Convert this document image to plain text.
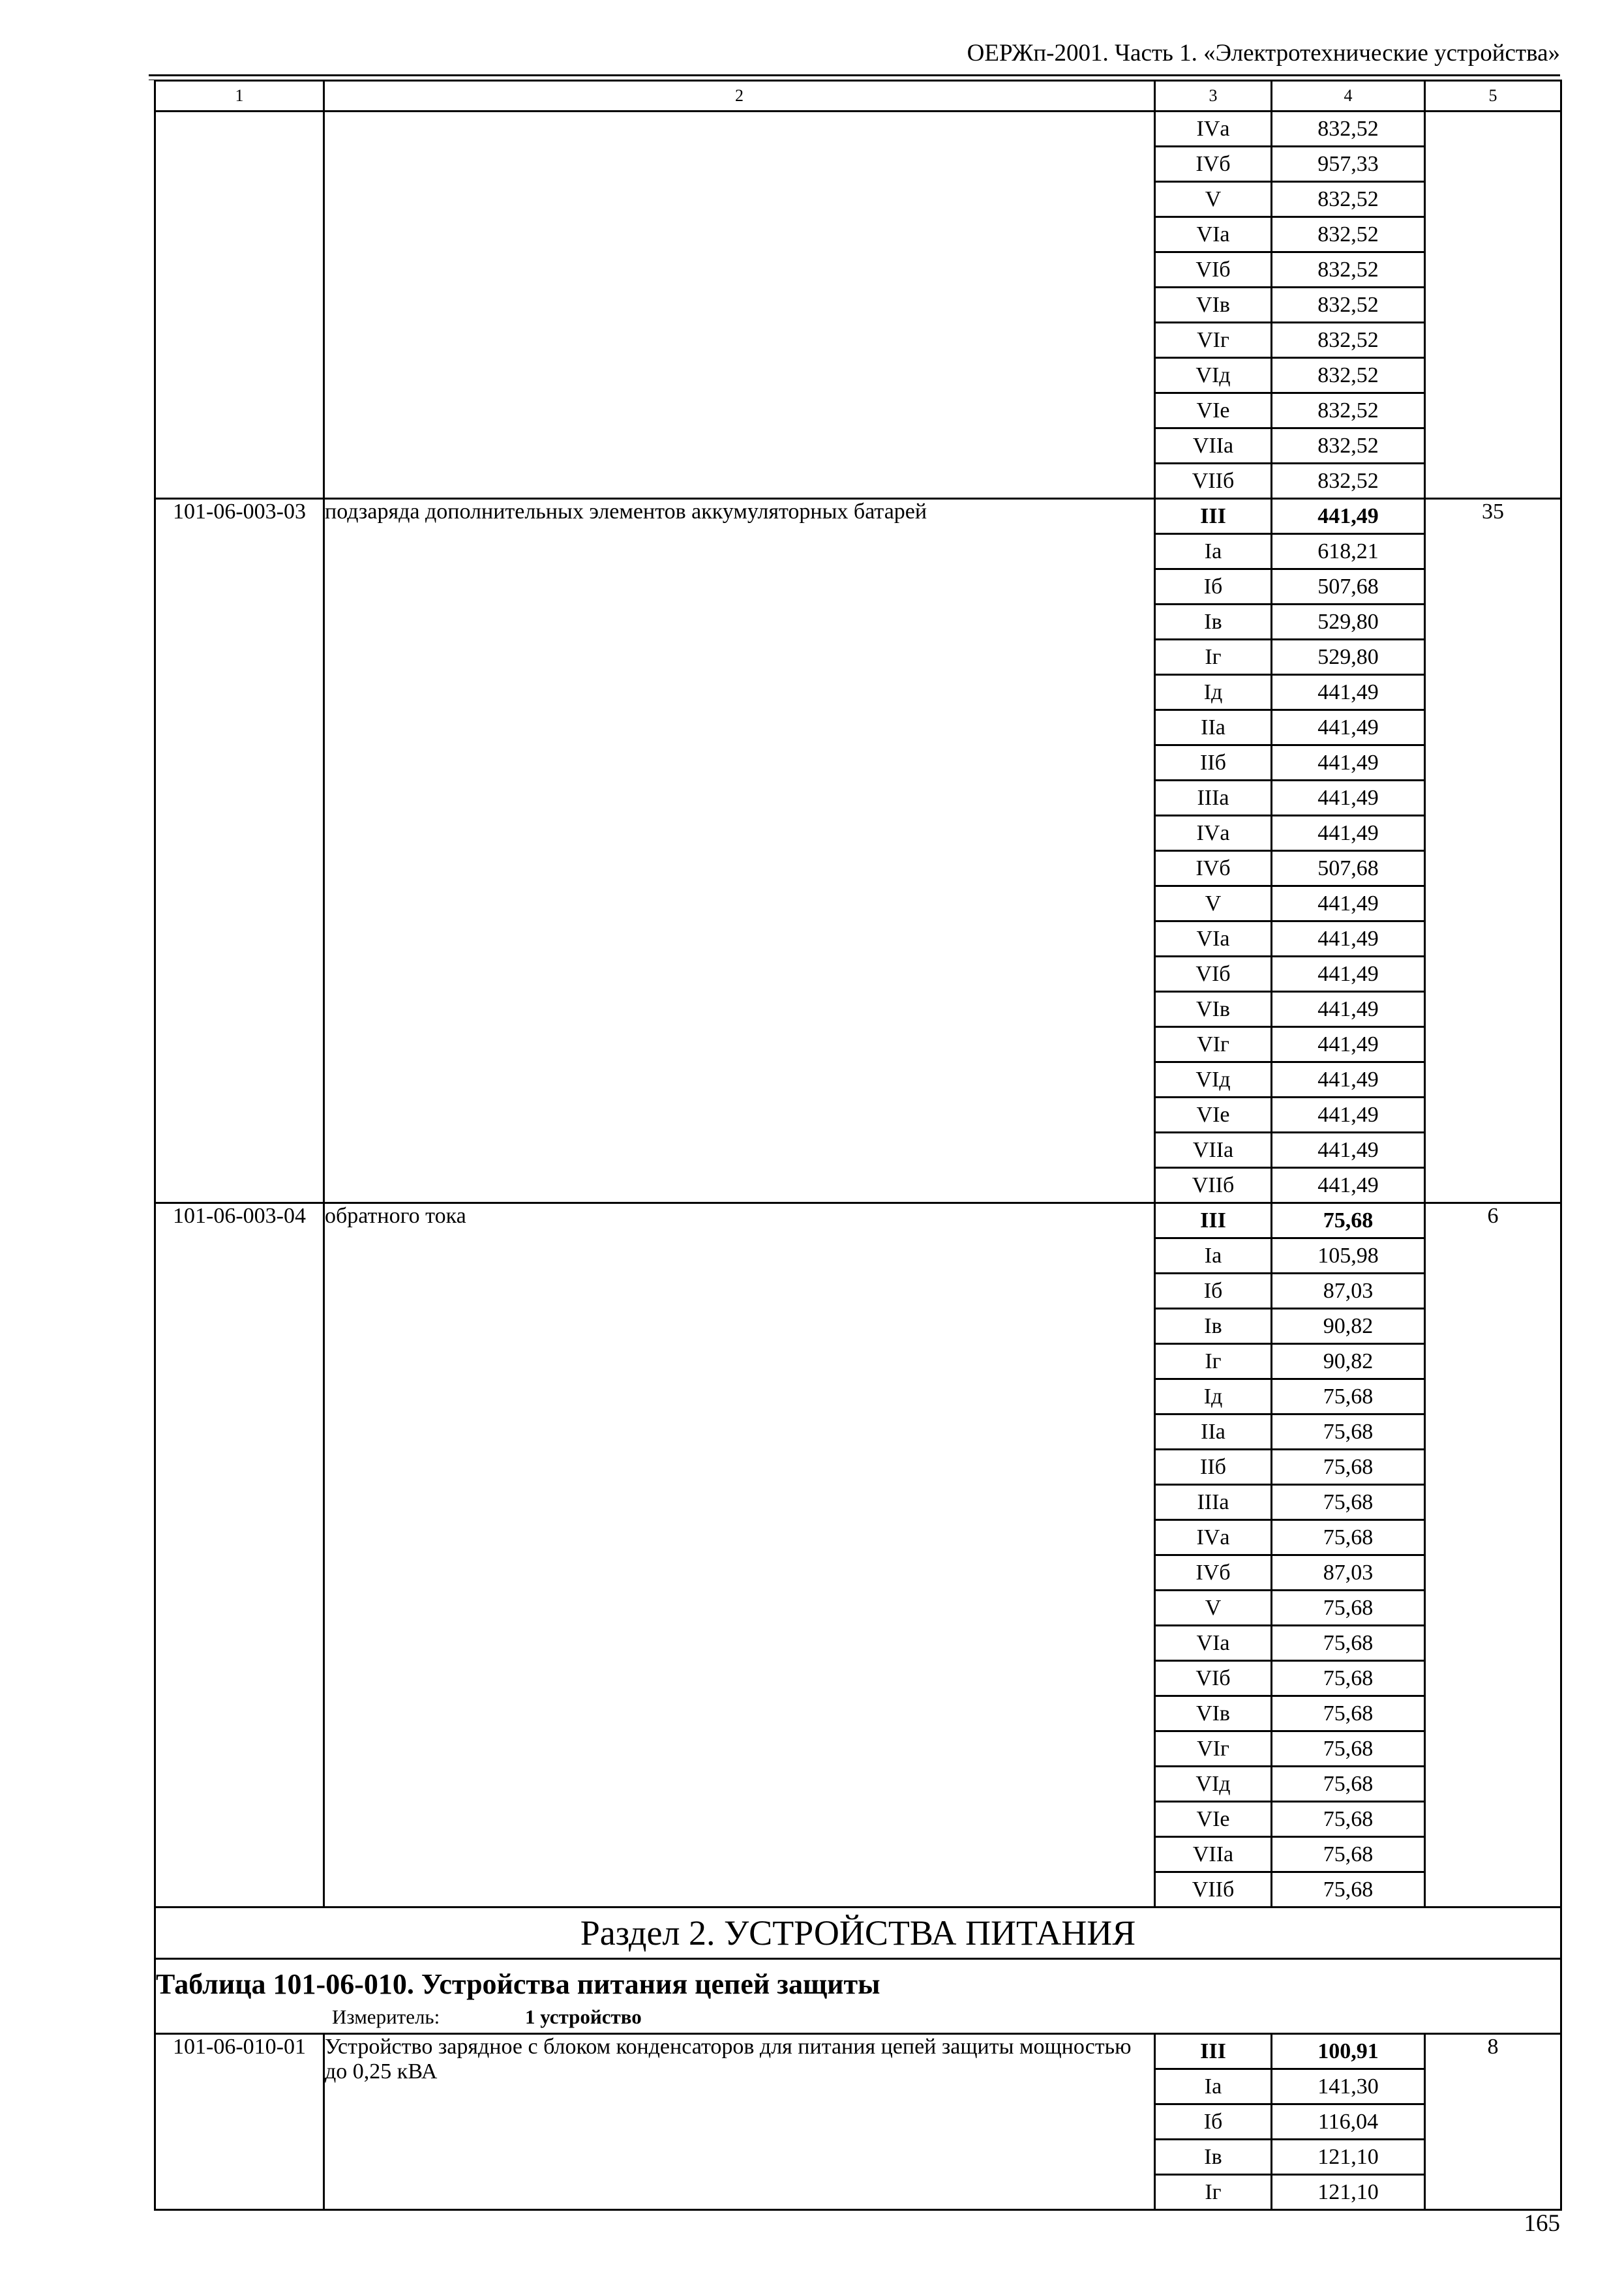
ОЕРЖп-2001. Часть 1. «Электротехнические устройства»
1	2	3	4	5
		IVа	832,52	
		IVб	957,33	
		V	832,52	
		VIа	832,52	
		VIб	832,52	
		VIв	832,52	
		VIг	832,52	
		VIд	832,52	
		VIе	832,52	
		VIIа	832,52	
		VIIб	832,52	
101-06-003-03	подзаряда дополнительных элементов аккумуляторных батарей	III	441,49	35
		Iа	618,21	
		Iб	507,68	
		Iв	529,80	
		Iг	529,80	
		Iд	441,49	
		IIа	441,49	
		IIб	441,49	
		IIIа	441,49	
		IVа	441,49	
		IVб	507,68	
		V	441,49	
		VIа	441,49	
		VIб	441,49	
		VIв	441,49	
		VIг	441,49	
		VIд	441,49	
		VIе	441,49	
		VIIа	441,49	
		VIIб	441,49	
101-06-003-04	обратного тока	III	75,68	6
		Iа	105,98	
		Iб	87,03	
		Iв	90,82	
		Iг	90,82	
		Iд	75,68	
		IIа	75,68	
		IIб	75,68	
		IIIа	75,68	
		IVа	75,68	
		IVб	87,03	
		V	75,68	
		VIа	75,68	
		VIб	75,68	
		VIв	75,68	
		VIг	75,68	
		VIд	75,68	
		VIе	75,68	
		VIIа	75,68	
		VIIб	75,68	
Раздел 2. УСТРОЙСТВА ПИТАНИЯ				

Таблица 101-06-010. Устройства питания цепей защиты
Измеритель: 1 устройство				

101-06-010-01	Устройство зарядное с блоком конденсаторов для питания цепей защиты мощностью до 0,25 кВА	III	100,91	8
		Iа	141,30	
		Iб	116,04	
		Iв	121,10	
		Iг	121,10	
165
